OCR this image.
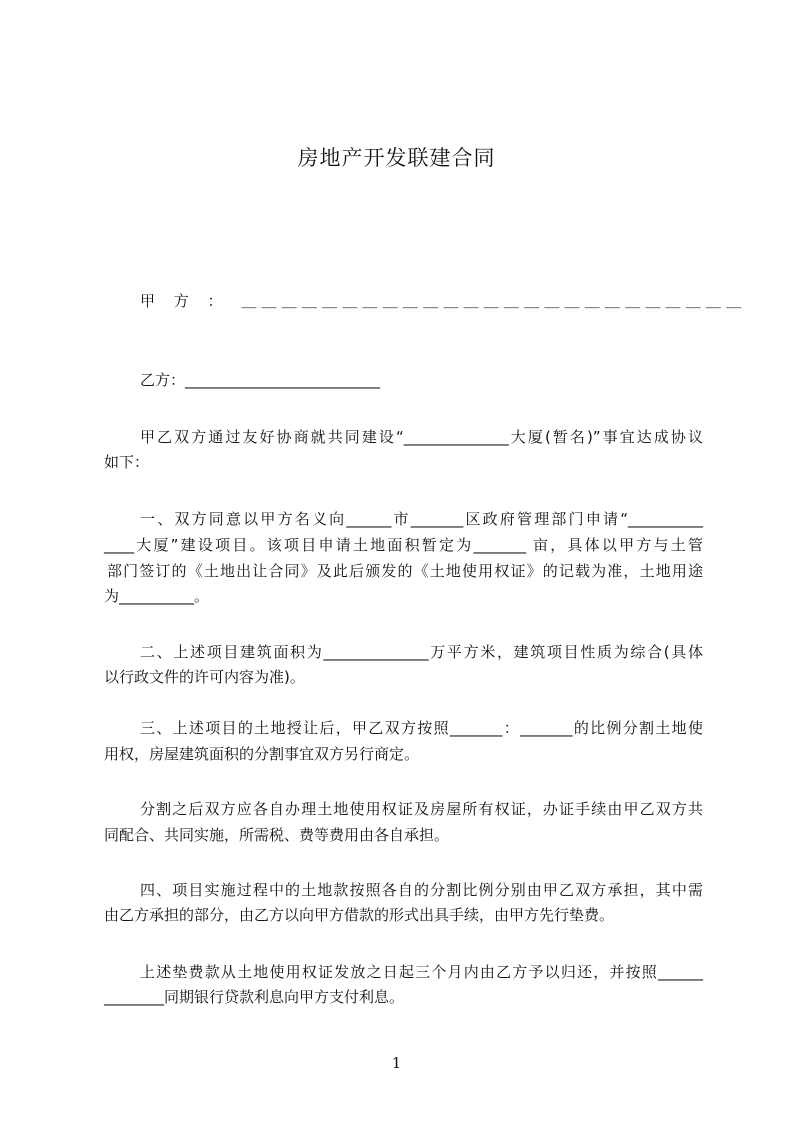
房地产开发联建合同
甲 方 ： ＿＿＿＿＿＿＿＿＿＿＿＿＿＿＿＿＿＿＿＿＿＿＿＿＿
乙方：__________________________
甲乙双方通过友好协商就共同建设“______________大厦(暂名)”事宜达成协议
如下：
一、双方同意以甲方名义向______市_______区政府管理部门申请“__________
____大厦”建设项目。该项目申请土地面积暂定为_______ 亩，具体以甲方与土管
部门签订的《土地出让合同》及此后颁发的《土地使用权证》的记载为准，土地用途
为__________。
二、上述项目建筑面积为______________万平方米，建筑项目性质为综合(具体
以行政文件的许可内容为准)。
三、上述项目的土地授让后，甲乙双方按照_______：_______的比例分割土地使
用权，房屋建筑面积的分割事宜双方另行商定。
分割之后双方应各自办理土地使用权证及房屋所有权证，办证手续由甲乙双方共
同配合、共同实施，所需税、费等费用由各自承担。
四、项目实施过程中的土地款按照各自的分割比例分别由甲乙双方承担，其中需
由乙方承担的部分，由乙方以向甲方借款的形式出具手续，由甲方先行垫费。
上述垫费款从土地使用权证发放之日起三个月内由乙方予以归还，并按照______
________同期银行贷款利息向甲方支付利息。
1
